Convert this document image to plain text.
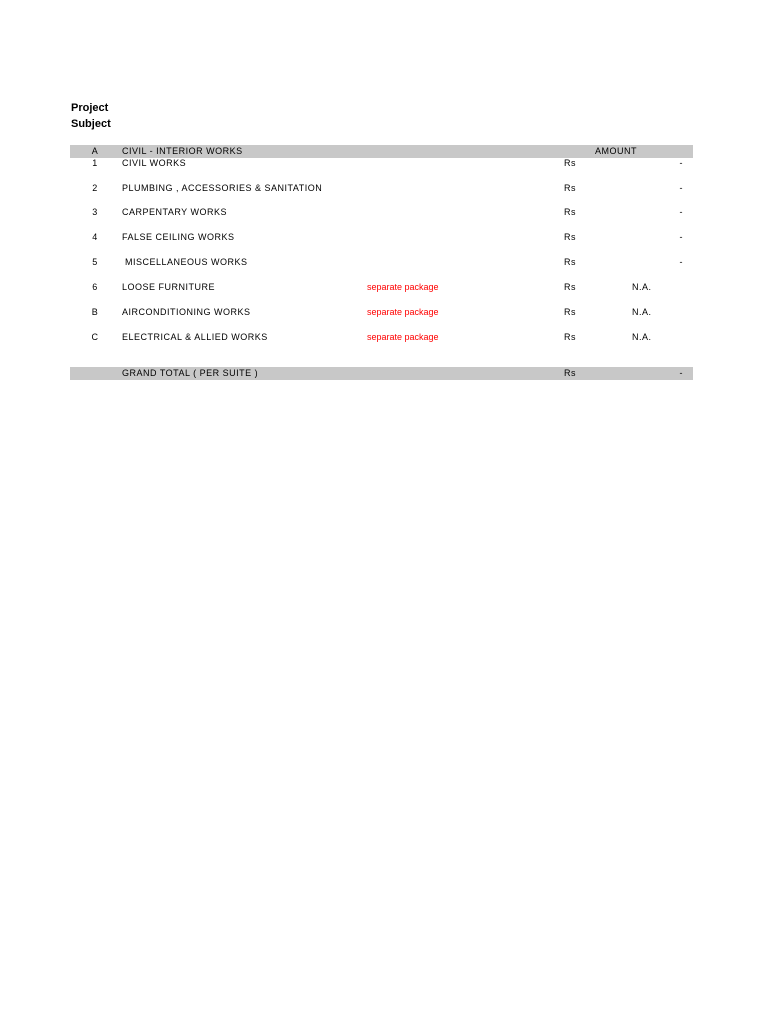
Project
Subject
A	CIVIL - INTERIOR WORKS	AMOUNT
1	CIVIL WORKS	Rs	-
2	PLUMBING , ACCESSORIES & SANITATION	Rs	-
3	CARPENTARY WORKS	Rs	-
4	FALSE CEILING WORKS	Rs	-
5	MISCELLANEOUS WORKS	Rs	-
6	LOOSE FURNITURE	separate package	Rs	N.A.
B	AIRCONDITIONING WORKS	separate package	Rs	N.A.
C	ELECTRICAL & ALLIED WORKS	separate package	Rs	N.A.
GRAND TOTAL ( PER SUITE )	Rs	-
